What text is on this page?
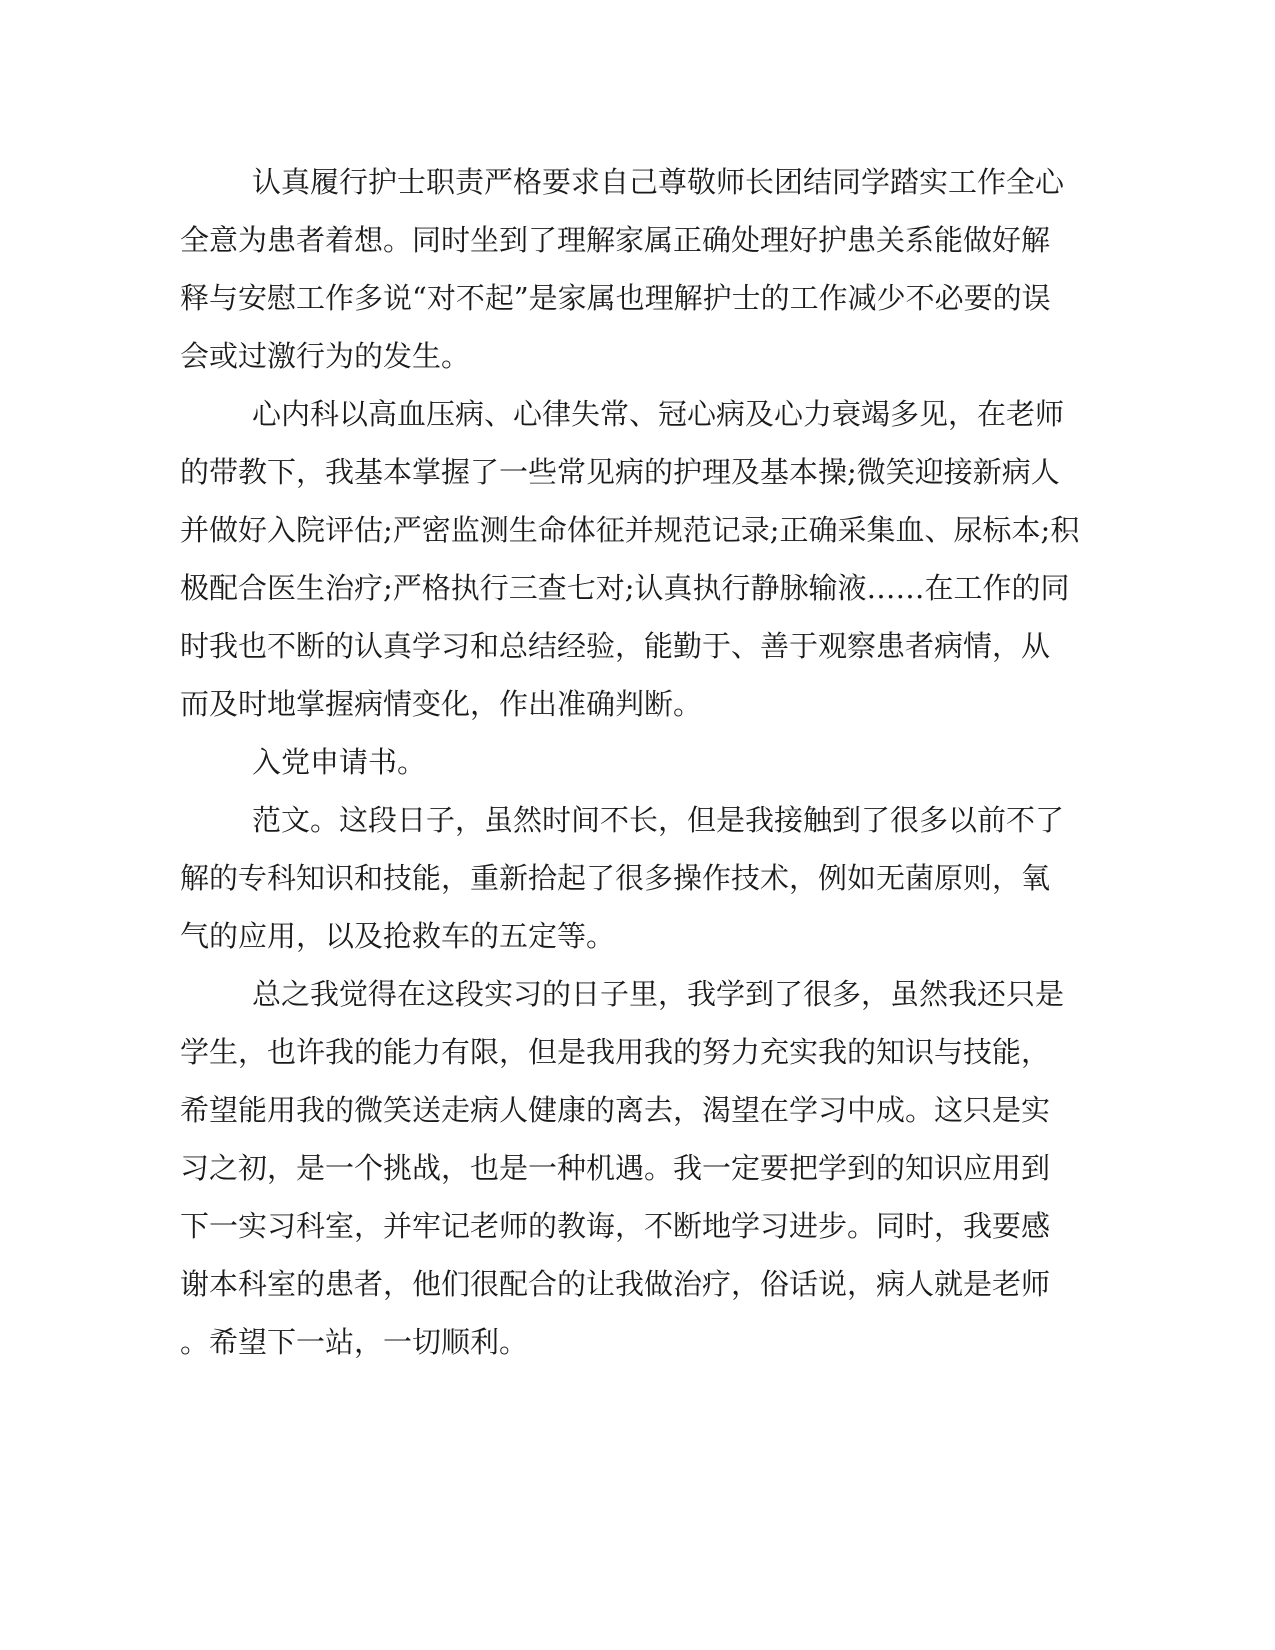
认真履行护士职责严格要求自己尊敬师长团结同学踏实工作全心
全意为患者着想。同时坐到了理解家属正确处理好护患关系能做好解
释与安慰工作多说“对不起”是家属也理解护士的工作减少不必要的误
会或过激行为的发生。
心内科以高血压病、心律失常、冠心病及心力衰竭多见，在老师
的带教下，我基本掌握了一些常见病的护理及基本操;微笑迎接新病人
并做好入院评估;严密监测生命体征并规范记录;正确采集血、尿标本;积
极配合医生治疗;严格执行三查七对;认真执行静脉输液……在工作的同
时我也不断的认真学习和总结经验，能勤于、善于观察患者病情，从
而及时地掌握病情变化，作出准确判断。
入党申请书。
范文。这段日子，虽然时间不长，但是我接触到了很多以前不了
解的专科知识和技能，重新拾起了很多操作技术，例如无菌原则，氧
气的应用，以及抢救车的五定等。
总之我觉得在这段实习的日子里，我学到了很多，虽然我还只是
学生，也许我的能力有限，但是我用我的努力充实我的知识与技能，
希望能用我的微笑送走病人健康的离去，渴望在学习中成。这只是实
习之初，是一个挑战，也是一种机遇。我一定要把学到的知识应用到
下一实习科室，并牢记老师的教诲，不断地学习进步。同时，我要感
谢本科室的患者，他们很配合的让我做治疗，俗话说，病人就是老师
。希望下一站，一切顺利。
